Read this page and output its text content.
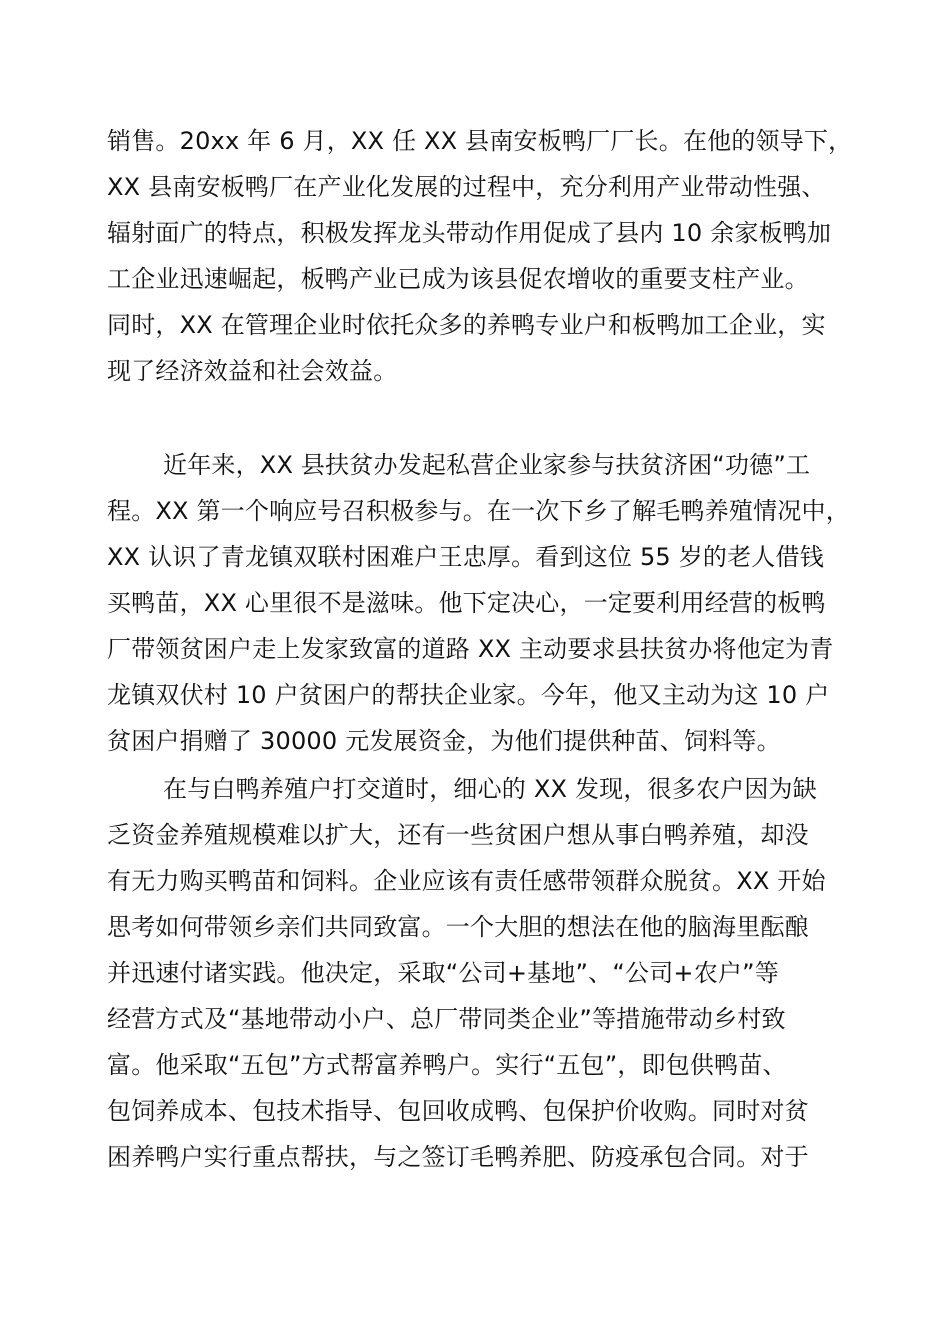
销售。20xx 年 6 月，XX 任 XX 县南安板鸭厂厂长。在他的领导下，
XX 县南安板鸭厂在产业化发展的过程中，充分利用产业带动性强、
辐射面广的特点，积极发挥龙头带动作用促成了县内 10 余家板鸭加
工企业迅速崛起，板鸭产业已成为该县促农增收的重要支柱产业。
同时，XX 在管理企业时依托众多的养鸭专业户和板鸭加工企业，实
现了经济效益和社会效益。
近年来，XX 县扶贫办发起私营企业家参与扶贫济困“功德”工
程。XX 第一个响应号召积极参与。在一次下乡了解毛鸭养殖情况中，
XX 认识了青龙镇双联村困难户王忠厚。看到这位 55 岁的老人借钱
买鸭苗，XX 心里很不是滋味。他下定决心，一定要利用经营的板鸭
厂带领贫困户走上发家致富的道路 XX 主动要求县扶贫办将他定为青
龙镇双伏村 10 户贫困户的帮扶企业家。今年，他又主动为这 10 户
贫困户捐赠了 30000 元发展资金，为他们提供种苗、饲料等。
在与白鸭养殖户打交道时，细心的 XX 发现，很多农户因为缺
乏资金养殖规模难以扩大，还有一些贫困户想从事白鸭养殖，却没
有无力购买鸭苗和饲料。企业应该有责任感带领群众脱贫。XX 开始
思考如何带领乡亲们共同致富。一个大胆的想法在他的脑海里酝酿
并迅速付诸实践。他决定，采取“公司+基地”、“公司+农户”等
经营方式及“基地带动小户、总厂带同类企业”等措施带动乡村致
富。他采取“五包”方式帮富养鸭户。实行“五包”，即包供鸭苗、
包饲养成本、包技术指导、包回收成鸭、包保护价收购。同时对贫
困养鸭户实行重点帮扶，与之签订毛鸭养肥、防疫承包合同。对于
